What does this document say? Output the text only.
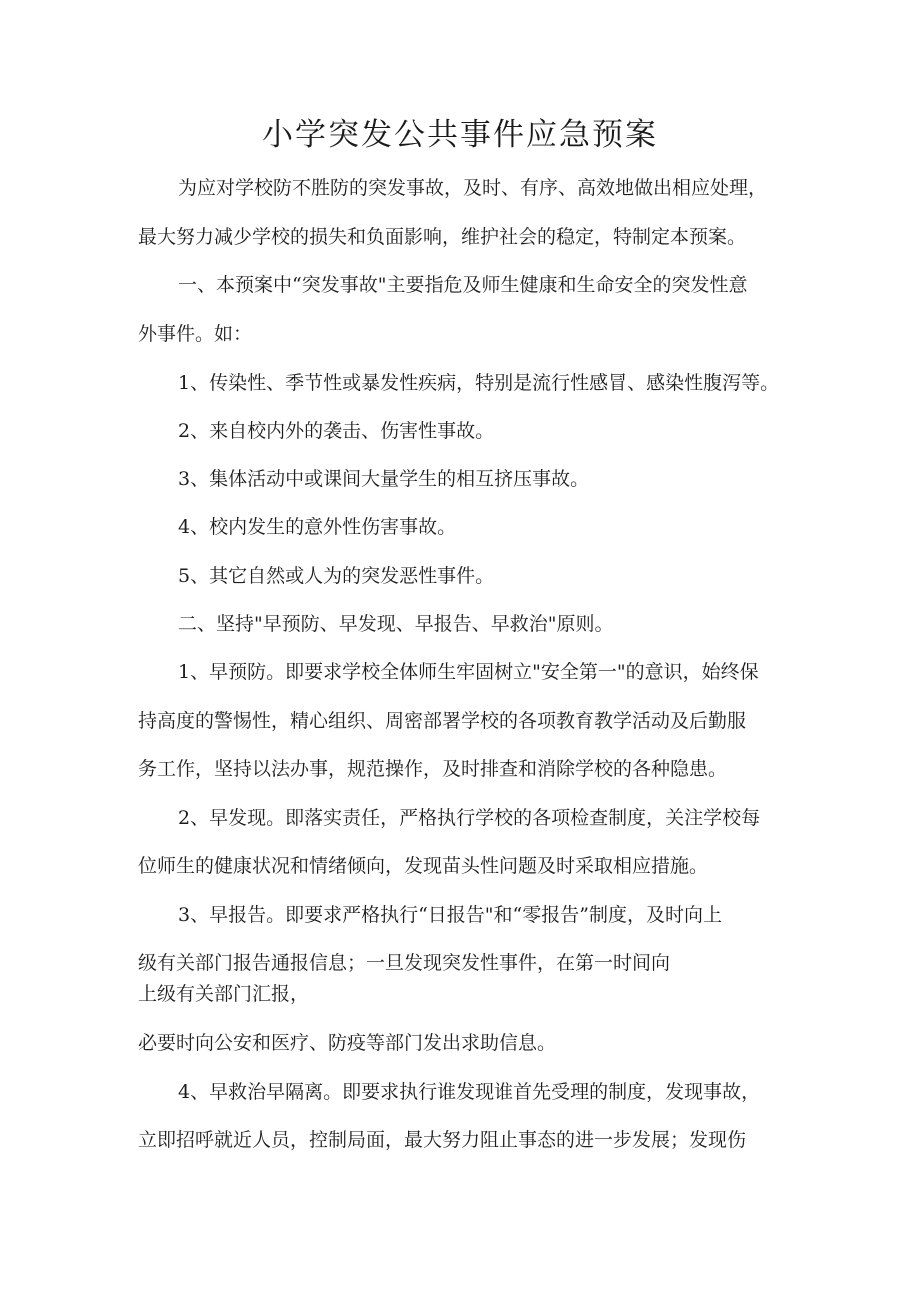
小学突发公共事件应急预案
为应对学校防不胜防的突发事故，及时、有序、高效地做出相应处理，
最大努力减少学校的损失和负面影响，维护社会的稳定，特制定本预案。
一、本预案中“突发事故"主要指危及师生健康和生命安全的突发性意
外事件。如：
1、传染性、季节性或暴发性疾病，特别是流行性感冒、感染性腹泻等。
2、来自校内外的袭击、伤害性事故。
3、集体活动中或课间大量学生的相互挤压事故。
4、校内发生的意外性伤害事故。
5、其它自然或人为的突发恶性事件。
二、坚持"早预防、早发现、早报告、早救治"原则。
1、早预防。即要求学校全体师生牢固树立"安全第一"的意识，始终保
持高度的警惕性，精心组织、周密部署学校的各项教育教学活动及后勤服
务工作，坚持以法办事，规范操作，及时排查和消除学校的各种隐患。
2、早发现。即落实责任，严格执行学校的各项检查制度，关注学校每
位师生的健康状况和情绪倾向，发现苗头性问题及时采取相应措施。
3、早报告。即要求严格执行“日报告"和“零报告”制度，及时向上
级有关部门报告通报信息；一旦发现突发性事件，在第一时间向
上级有关部门汇报，
必要时向公安和医疗、防疫等部门发出求助信息。
4、早救治早隔离。即要求执行谁发现谁首先受理的制度，发现事故，
立即招呼就近人员，控制局面，最大努力阻止事态的进一步发展；发现伤
